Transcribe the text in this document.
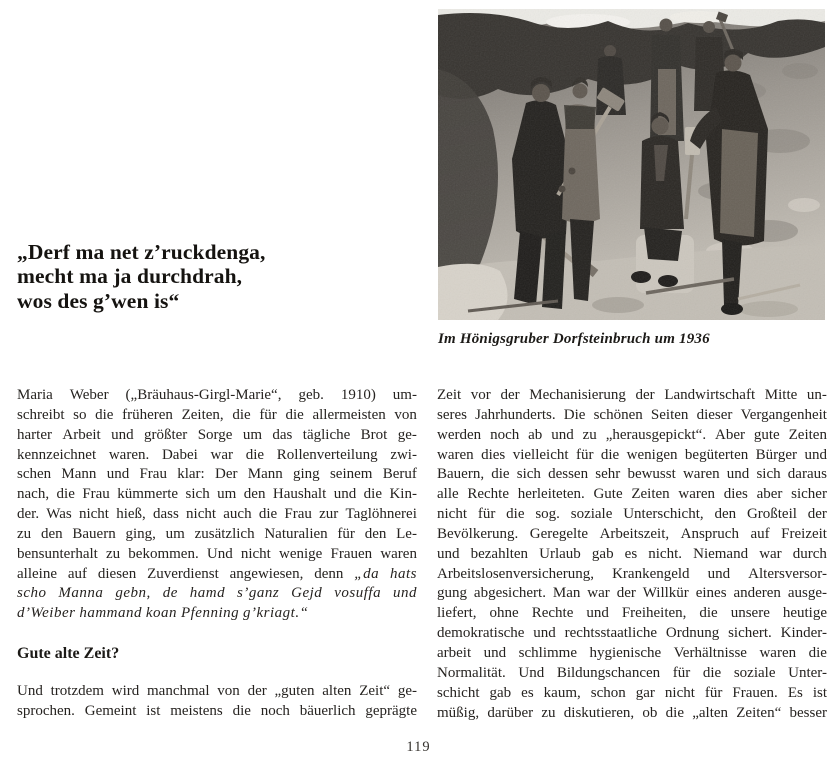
„Derf ma net z’ruckdenga,
mecht ma ja durchdrah,
wos des g’wen is“
Im Hönigsgruber Dorfsteinbruch um 1936
Maria Weber („Bräuhaus-Girgl-Marie“, geb. 1910) um-
schreibt so die früheren Zeiten, die für die allermeisten von
harter Arbeit und größter Sorge um das tägliche Brot ge-
kennzeichnet waren. Dabei war die Rollenverteilung zwi-
schen Mann und Frau klar: Der Mann ging seinem Beruf
nach, die Frau kümmerte sich um den Haushalt und die Kin-
der. Was nicht hieß, dass nicht auch die Frau zur Taglöhnerei
zu den Bauern ging, um zusätzlich Naturalien für den Le-
bensunterhalt zu bekommen. Und nicht wenige Frauen waren
alleine auf diesen Zuverdienst angewiesen, denn „da hats
scho Manna gebn, de hamd s’ganz Gejd vosuffa und
d’Weiber hammand koan Pfenning g’kriagt.“
Gute alte Zeit?
Und trotzdem wird manchmal von der „guten alten Zeit“ ge-
sprochen. Gemeint ist meistens die noch bäuerlich geprägte
Zeit vor der Mechanisierung der Landwirtschaft Mitte un-
seres Jahrhunderts. Die schönen Seiten dieser Vergangenheit
werden noch ab und zu „herausgepickt“. Aber gute Zeiten
waren dies vielleicht für die wenigen begüterten Bürger und
Bauern, die sich dessen sehr bewusst waren und sich daraus
alle Rechte herleiteten. Gute Zeiten waren dies aber sicher
nicht für die sog. soziale Unterschicht, den Großteil der
Bevölkerung. Geregelte Arbeitszeit, Anspruch auf Freizeit
und bezahlten Urlaub gab es nicht. Niemand war durch
Arbeitslosenversicherung, Krankengeld und Altersversor-
gung abgesichert. Man war der Willkür eines anderen ausge-
liefert, ohne Rechte und Freiheiten, die unsere heutige
demokratische und rechtsstaatliche Ordnung sichert. Kinder-
arbeit und schlimme hygienische Verhältnisse waren die
Normalität. Und Bildungschancen für die soziale Unter-
schicht gab es kaum, schon gar nicht für Frauen. Es ist
müßig, darüber zu diskutieren, ob die „alten Zeiten“ besser
119
